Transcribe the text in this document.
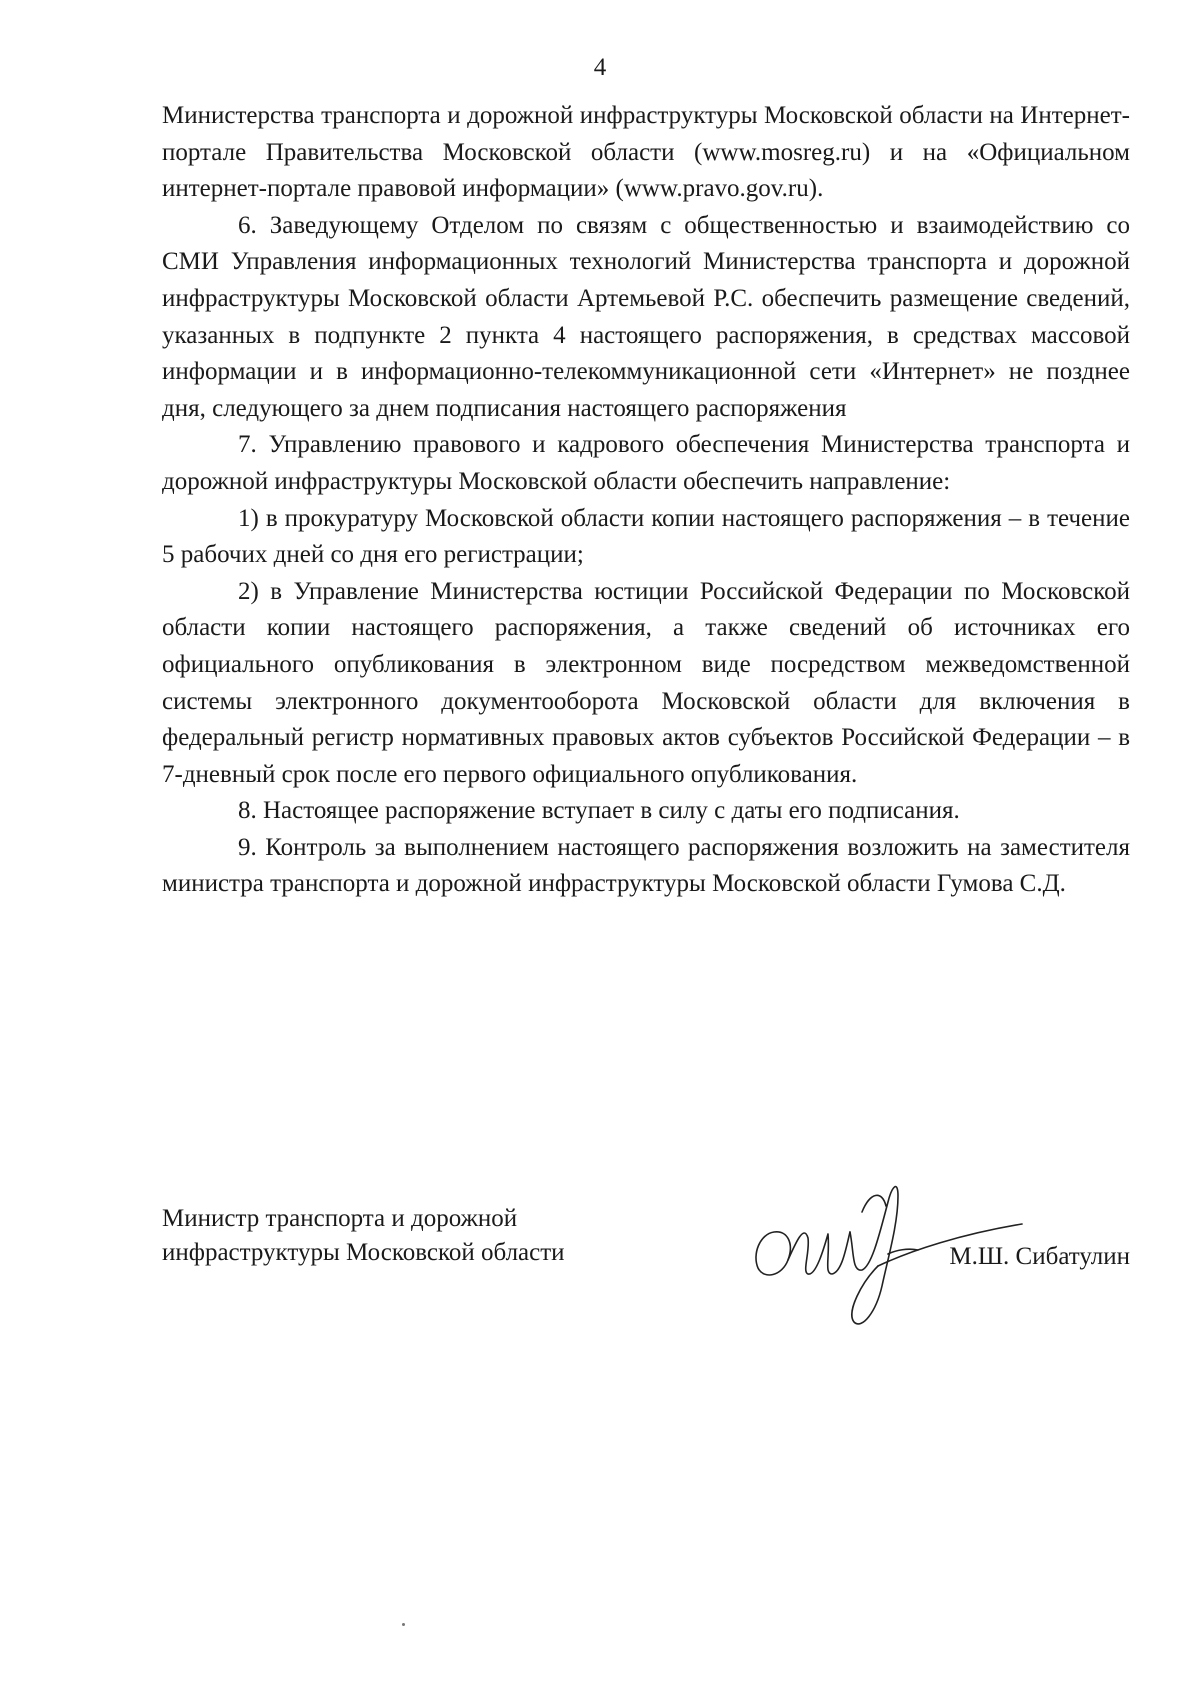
4

Министерства транспорта и дорожной инфраструктуры Московской области на Интернет-портале Правительства Московской области (www.mosreg.ru) и на «Официальном интернет-портале правовой информации» (www.pravo.gov.ru).

6. Заведующему Отделом по связям с общественностью и взаимодействию со СМИ Управления информационных технологий Министерства транспорта и дорожной инфраструктуры Московской области Артемьевой Р.С. обеспечить размещение сведений, указанных в подпункте 2 пункта 4 настоящего распоряжения, в средствах массовой информации и в информационно-телекоммуникационной сети «Интернет» не позднее дня, следующего за днем подписания настоящего распоряжения

7. Управлению правового и кадрового обеспечения Министерства транспорта и дорожной инфраструктуры Московской области обеспечить направление:

1) в прокуратуру Московской области копии настоящего распоряжения – в течение 5 рабочих дней со дня его регистрации;

2) в Управление Министерства юстиции Российской Федерации по Московской области копии настоящего распоряжения, а также сведений об источниках его официального опубликования в электронном виде посредством межведомственной системы электронного документооборота Московской области для включения в федеральный регистр нормативных правовых актов субъектов Российской Федерации – в 7-дневный срок после его первого официального опубликования.

8. Настоящее распоряжение вступает в силу с даты его подписания.

9. Контроль за выполнением настоящего распоряжения возложить на заместителя министра транспорта и дорожной инфраструктуры Московской области Гумова С.Д.

Министр транспорта и дорожной
инфраструктуры Московской области	М.Ш. Сибатулин
